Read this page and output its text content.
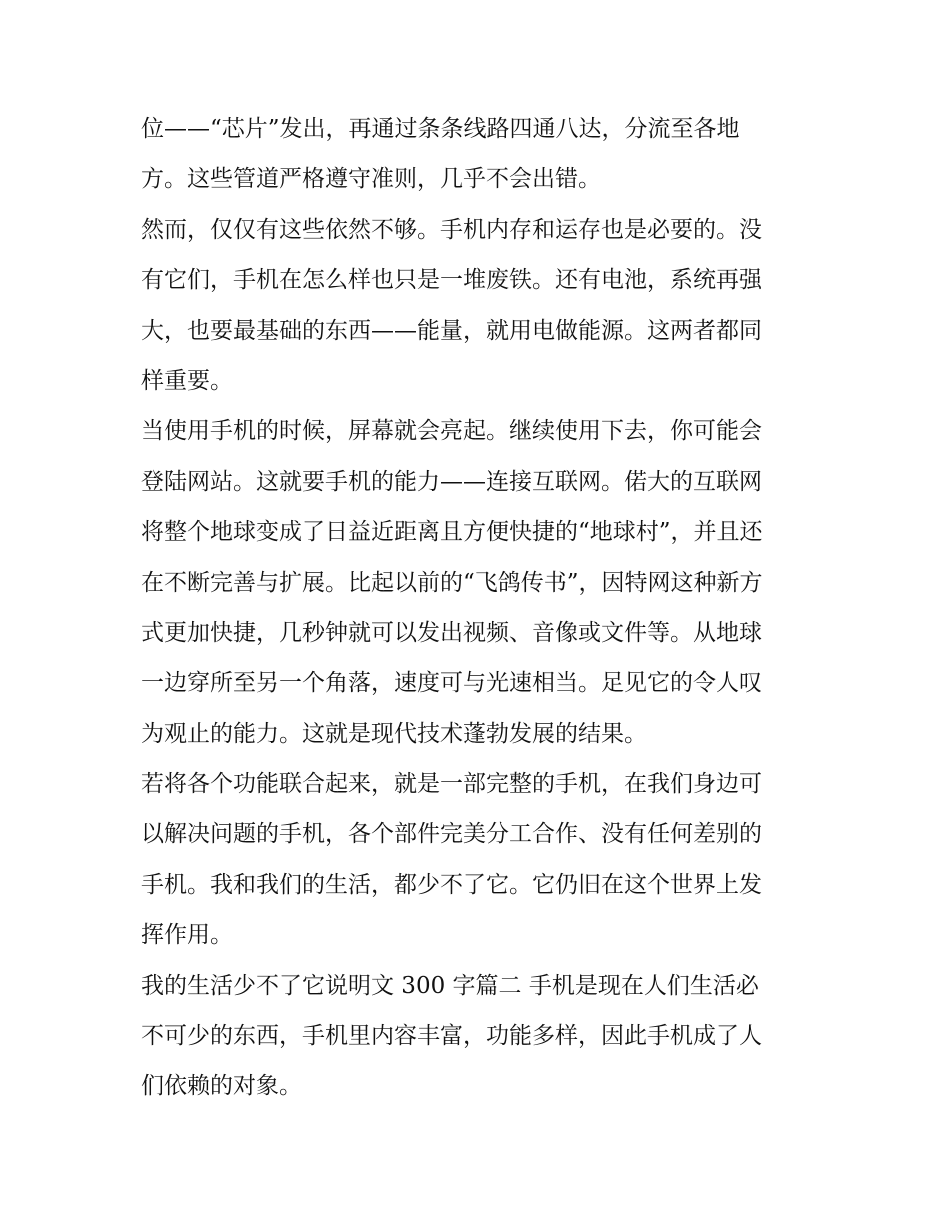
位——“芯片”发出，再通过条条线路四通八达，分流至各地
方。这些管道严格遵守准则，几乎不会出错。
然而，仅仅有这些依然不够。手机内存和运存也是必要的。没
有它们，手机在怎么样也只是一堆废铁。还有电池，系统再强
大，也要最基础的东西——能量，就用电做能源。这两者都同
样重要。
当使用手机的时候，屏幕就会亮起。继续使用下去，你可能会
登陆网站。这就要手机的能力——连接互联网。偌大的互联网
将整个地球变成了日益近距离且方便快捷的“地球村”，并且还
在不断完善与扩展。比起以前的“飞鸽传书”，因特网这种新方
式更加快捷，几秒钟就可以发出视频、音像或文件等。从地球
一边穿所至另一个角落，速度可与光速相当。足见它的令人叹
为观止的能力。这就是现代技术蓬勃发展的结果。
若将各个功能联合起来，就是一部完整的手机，在我们身边可
以解决问题的手机，各个部件完美分工合作、没有任何差别的
手机。我和我们的生活，都少不了它。它仍旧在这个世界上发
挥作用。
我的生活少不了它说明文 300 字篇二 手机是现在人们生活必
不可少的东西，手机里内容丰富，功能多样，因此手机成了人
们依赖的对象。
